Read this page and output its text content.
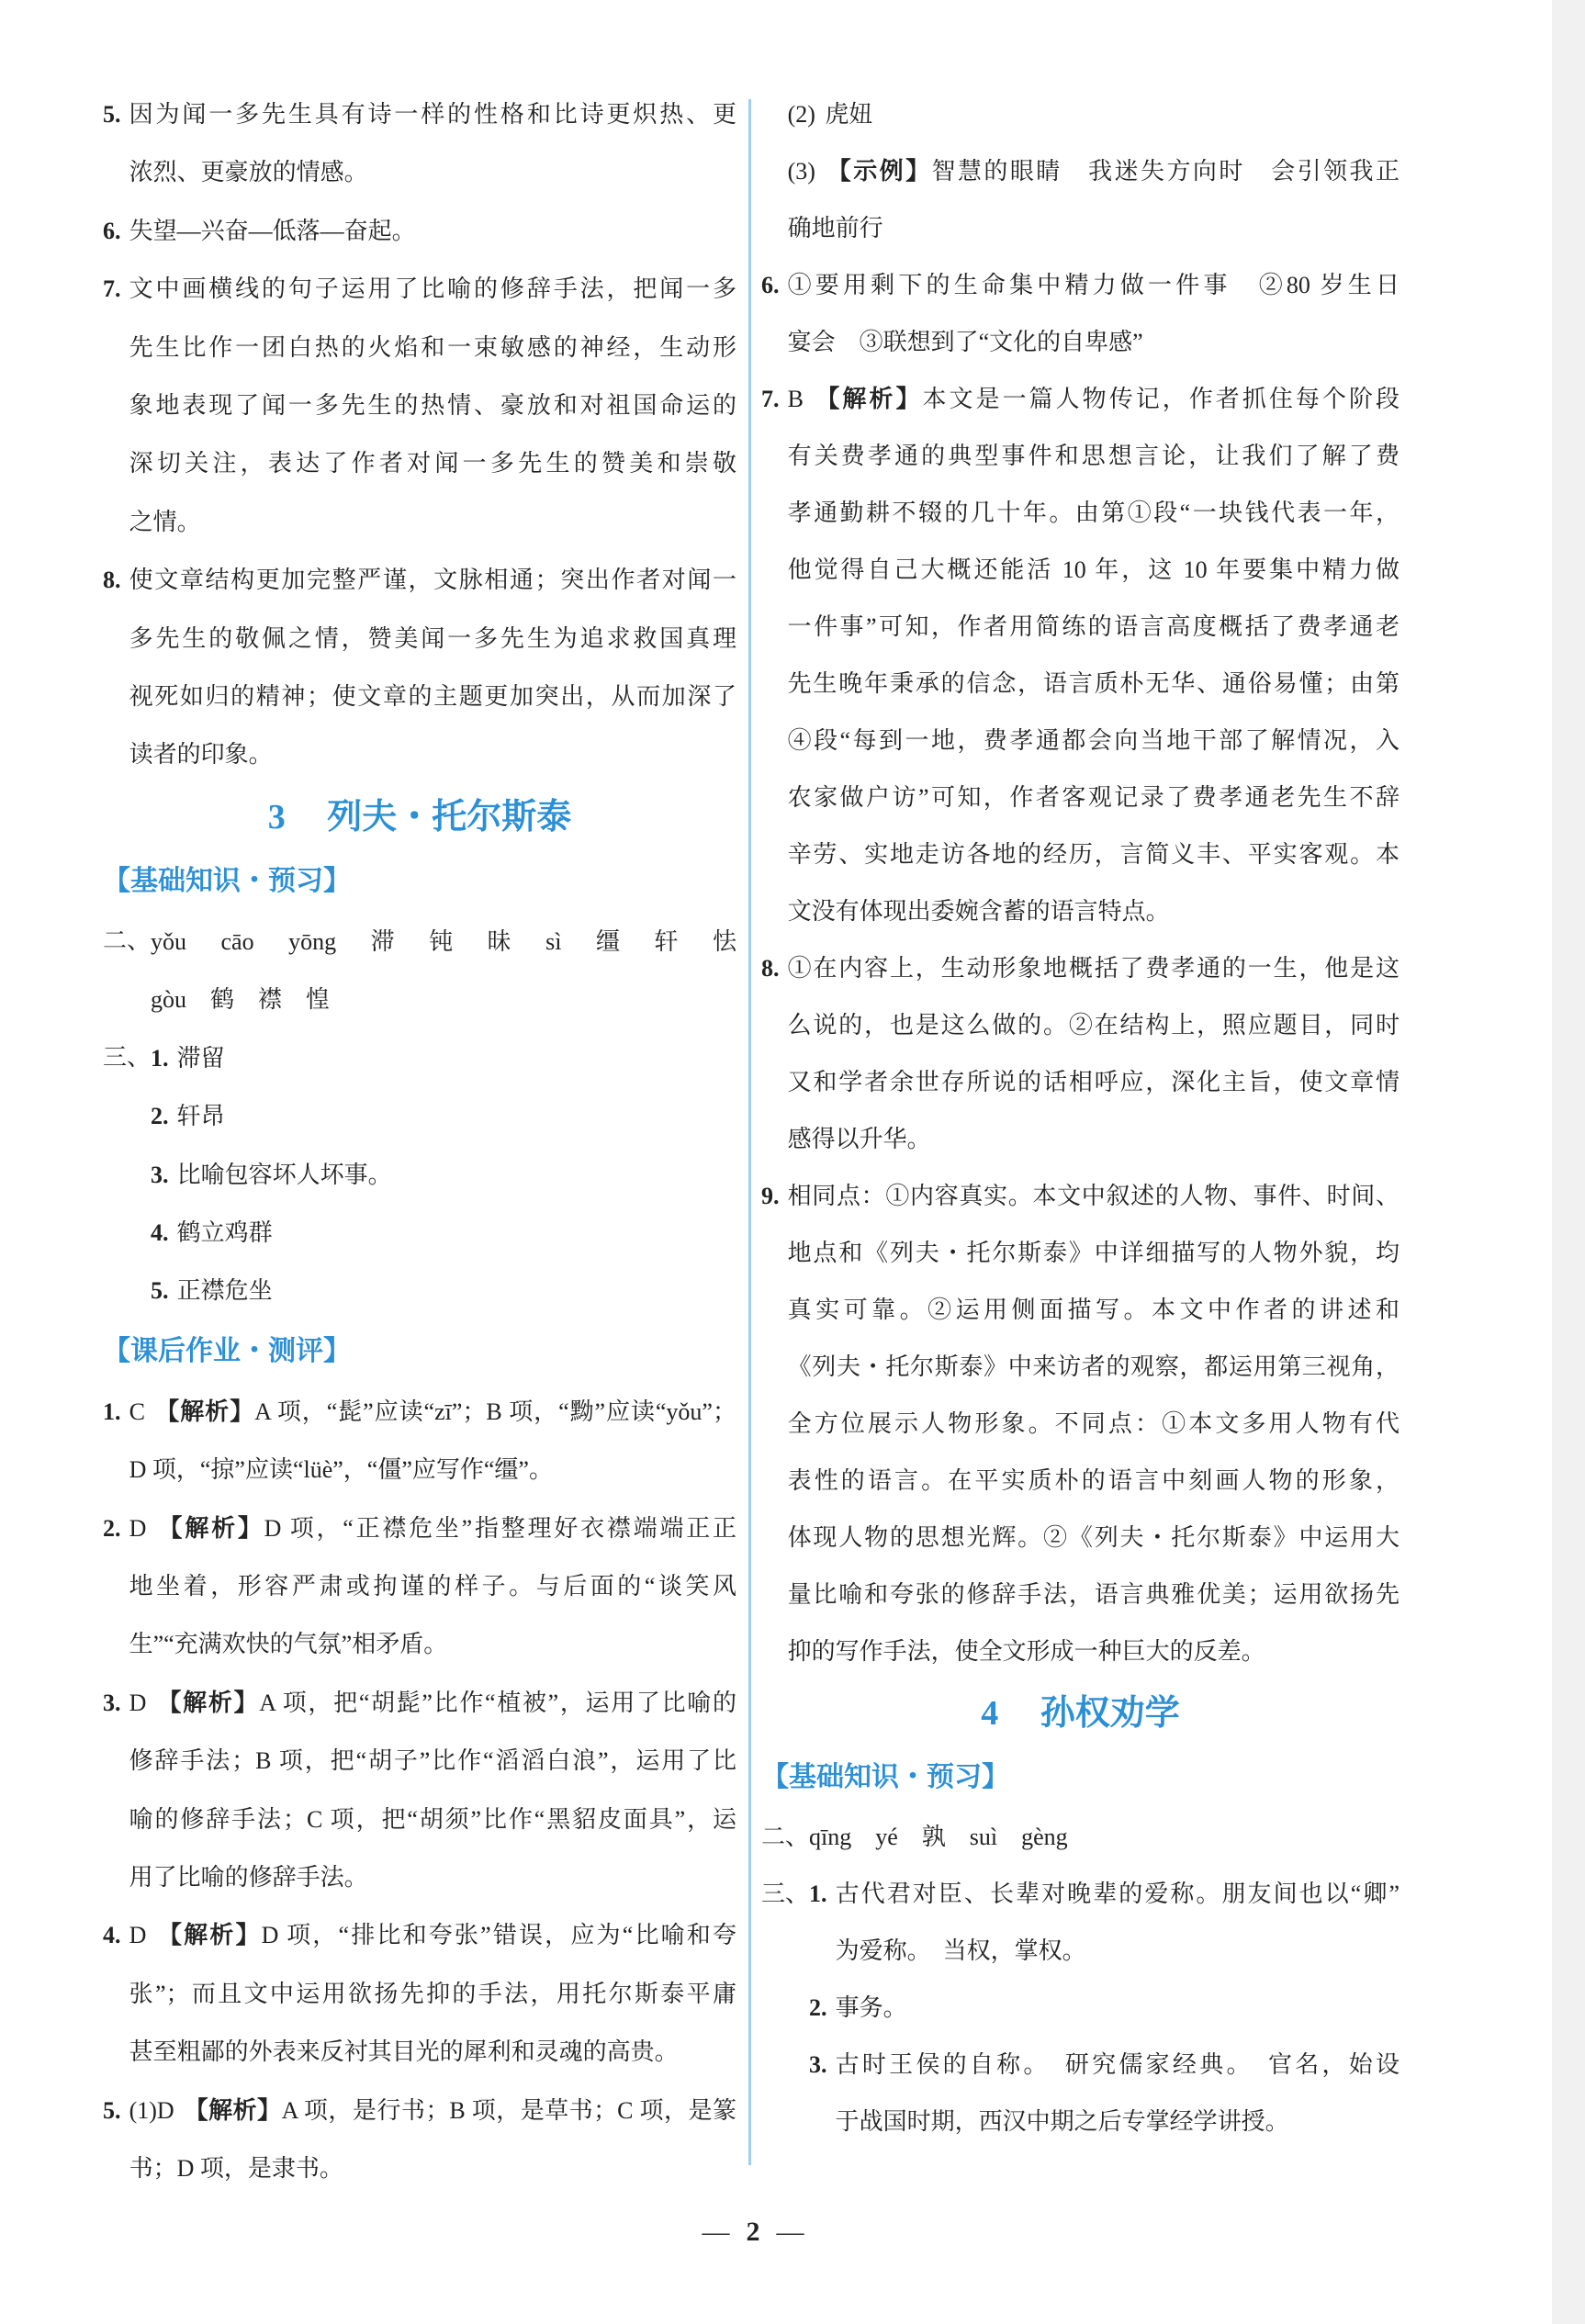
5. 因为闻一多先生具有诗一样的性格和比诗更炽热、更
浓烈、更豪放的情感。
6. 失望—兴奋—低落—奋起。
7. 文中画横线的句子运用了比喻的修辞手法，把闻一多
先生比作一团白热的火焰和一束敏感的神经，生动形
象地表现了闻一多先生的热情、豪放和对祖国命运的
深切关注，表达了作者对闻一多先生的赞美和崇敬
之情。
8. 使文章结构更加完整严谨，文脉相通；突出作者对闻一
多先生的敬佩之情，赞美闻一多先生为追求救国真理
视死如归的精神；使文章的主题更加突出，从而加深了
读者的印象。
3 列夫・托尔斯泰
【基础知识・预习】
二、 yǒu　cāo　yōng　滞　钝　昧　sì　缰　轩　怯
gòu　鹤　襟　惶
三、 1. 滞留
2. 轩昂
3. 比喻包容坏人坏事。
4. 鹤立鸡群
5. 正襟危坐
【课后作业・测评】
1. C 【解析】A 项，“髭”应读“zī”；B 项，“黝”应读“yǒu”；
D 项，“掠”应读“lüè”，“僵”应写作“缰”。
2. D 【解析】D 项，“正襟危坐”指整理好衣襟端端正正
地坐着，形容严肃或拘谨的样子。与后面的“谈笑风
生”“充满欢快的气氛”相矛盾。
3. D 【解析】A 项，把“胡髭”比作“植被”，运用了比喻的
修辞手法；B 项，把“胡子”比作“滔滔白浪”，运用了比
喻的修辞手法；C 项，把“胡须”比作“黑貂皮面具”，运
用了比喻的修辞手法。
4. D 【解析】D 项，“排比和夸张”错误，应为“比喻和夸
张”；而且文中运用欲扬先抑的手法，用托尔斯泰平庸
甚至粗鄙的外表来反衬其目光的犀利和灵魂的高贵。
5. (1)D 【解析】A 项，是行书；B 项，是草书；C 项，是篆
书；D 项，是隶书。
(2) 虎妞
(3) 【示例】智慧的眼睛　我迷失方向时　会引领我正
确地前行
6. ①要用剩下的生命集中精力做一件事　②80 岁生日
宴会　③联想到了“文化的自卑感”
7. B 【解析】本文是一篇人物传记，作者抓住每个阶段
有关费孝通的典型事件和思想言论，让我们了解了费
孝通勤耕不辍的几十年。由第①段“一块钱代表一年，
他觉得自己大概还能活 10 年，这 10 年要集中精力做
一件事”可知，作者用简练的语言高度概括了费孝通老
先生晚年秉承的信念，语言质朴无华、通俗易懂；由第
④段“每到一地，费孝通都会向当地干部了解情况，入
农家做户访”可知，作者客观记录了费孝通老先生不辞
辛劳、实地走访各地的经历，言简义丰、平实客观。本
文没有体现出委婉含蓄的语言特点。
8. ①在内容上，生动形象地概括了费孝通的一生，他是这
么说的，也是这么做的。②在结构上，照应题目，同时
又和学者余世存所说的话相呼应，深化主旨，使文章情
感得以升华。
9. 相同点：①内容真实。本文中叙述的人物、事件、时间、
地点和《列夫・托尔斯泰》中详细描写的人物外貌，均
真实可靠。②运用侧面描写。本文中作者的讲述和
《列夫・托尔斯泰》中来访者的观察，都运用第三视角，
全方位展示人物形象。不同点：①本文多用人物有代
表性的语言。在平实质朴的语言中刻画人物的形象，
体现人物的思想光辉。②《列夫・托尔斯泰》中运用大
量比喻和夸张的修辞手法，语言典雅优美；运用欲扬先
抑的写作手法，使全文形成一种巨大的反差。
4 孙权劝学
【基础知识・预习】
二、 qīng　yé　孰　suì　gèng
三、 1. 古代君对臣、长辈对晚辈的爱称。朋友间也以“卿”
为爱称。　当权，掌权。
2. 事务。
3. 古时王侯的自称。　研究儒家经典。　官名，始设
于战国时期，西汉中期之后专掌经学讲授。
— 2 —
